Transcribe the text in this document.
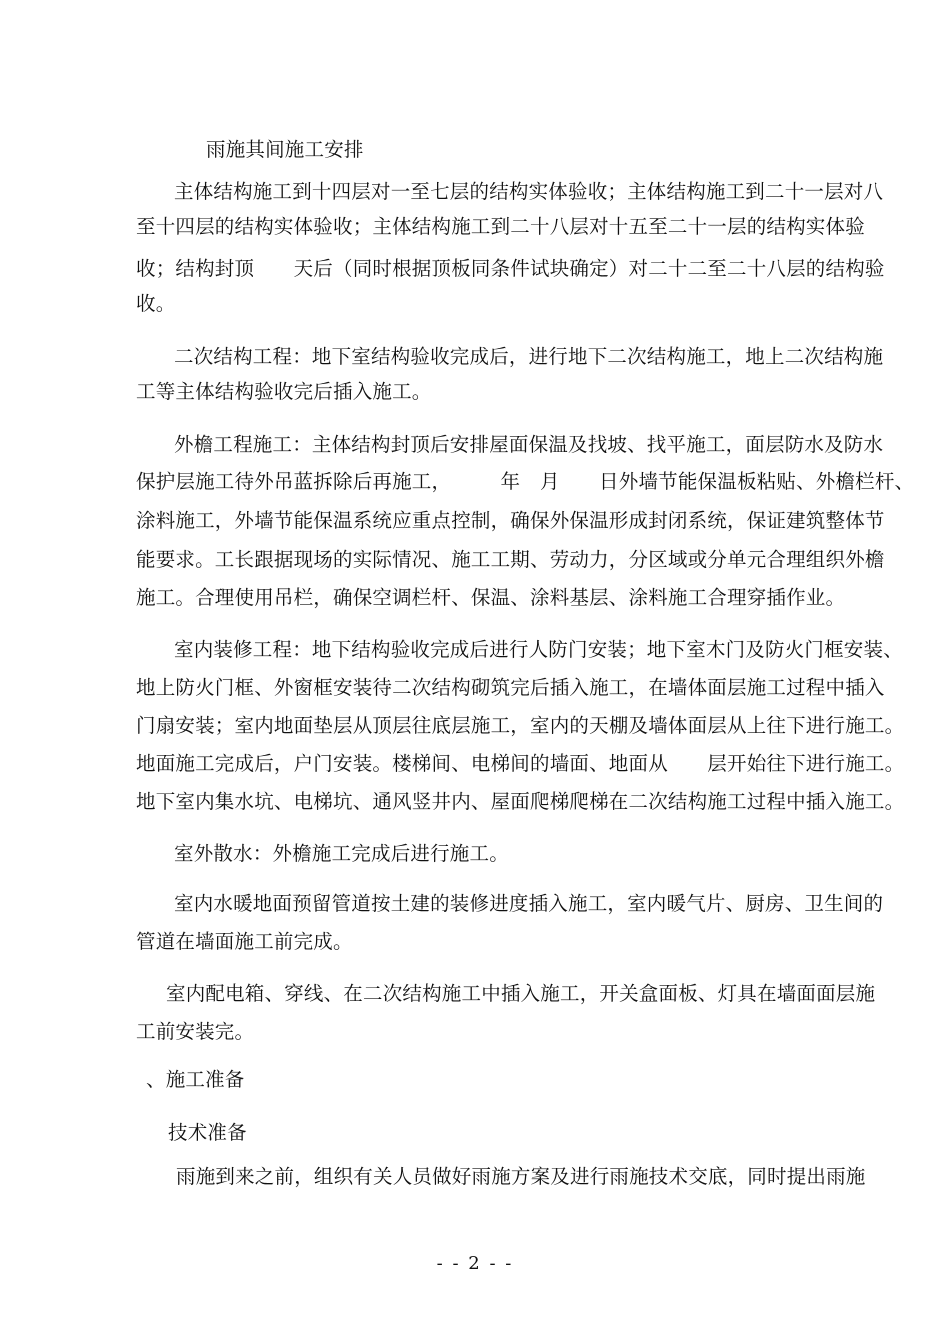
雨施其间施工安排
主体结构施工到十四层对一至七层的结构实体验收；主体结构施工到二十一层对八
至十四层的结构实体验收；主体结构施工到二十八层对十五至二十一层的结构实体验
收；结构封顶　　天后（同时根据顶板同条件试块确定）对二十二至二十八层的结构验
收。
二次结构工程：地下室结构验收完成后，进行地下二次结构施工，地上二次结构施
工等主体结构验收完后插入施工。
外檐工程施工：主体结构封顶后安排屋面保温及找坡、找平施工，面层防水及防水
保护层施工待外吊蓝拆除后再施工，　　　年　月　　日外墙节能保温板粘贴、外檐栏杆、
涂料施工，外墙节能保温系统应重点控制，确保外保温形成封闭系统，保证建筑整体节
能要求。工长跟据现场的实际情况、施工工期、劳动力，分区域或分单元合理组织外檐
施工。合理使用吊栏，确保空调栏杆、保温、涂料基层、涂料施工合理穿插作业。
室内装修工程：地下结构验收完成后进行人防门安装；地下室木门及防火门框安装、
地上防火门框、外窗框安装待二次结构砌筑完后插入施工，在墙体面层施工过程中插入
门扇安装；室内地面垫层从顶层往底层施工，室内的天棚及墙体面层从上往下进行施工。
地面施工完成后，户门安装。楼梯间、电梯间的墙面、地面从　　层开始往下进行施工。
地下室内集水坑、电梯坑、通风竖井内、屋面爬梯爬梯在二次结构施工过程中插入施工。
室外散水：外檐施工完成后进行施工。
室内水暖地面预留管道按土建的装修进度插入施工，室内暖气片、厨房、卫生间的
管道在墙面施工前完成。
室内配电箱、穿线、在二次结构施工中插入施工，开关盒面板、灯具在墙面面层施
工前安装完。
、施工准备
技术准备
雨施到来之前，组织有关人员做好雨施方案及进行雨施技术交底，同时提出雨施
- - 2 - -
